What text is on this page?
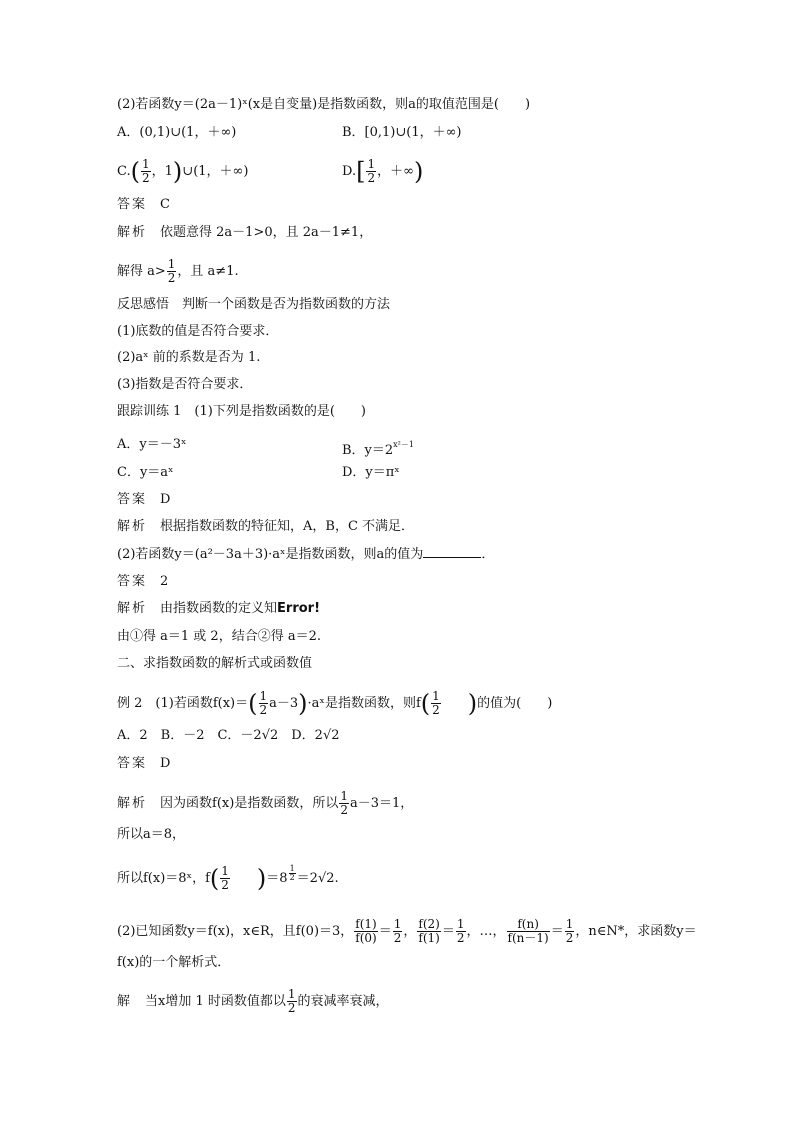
(2)若函数y＝(2a－1)ˣ(x是自变量)是指数函数，则a的取值范围是(　　)
A．(0,1)∪(1，＋∞)	B．[0,1)∪(1，＋∞)
$C.( \frac{1}{2}$ ，1)∪(1，＋∞)	$D.[ \frac{1}{2}$ ，＋∞)
答案　 C
解析　 依题意得 2a－1>0，且 2a－1≠1，
解得 $a> \frac{1}{2}$ ，且 a≠1.
反思感悟　判断一个函数是否为指数函数的方法
(1)底数的值是否符合要求．
(2)aˣ 前的系数是否为 1.
(3)指数是否符合要求．
跟踪训练 1　(1)下列是指数函数的是(　　)
A．y＝－3ˣ	B．$y=2^{x^2-1}$
C．y＝aˣ	D．y＝πˣ
答案　 D
解析　 根据指数函数的特征知，A，B，C 不满足．
(2)若函数y＝(a²－3a＋3)·aˣ是指数函数，则a的值为	．
答案　 2
解析　 由指数函数的定义知Error!
由①得 a＝1 或 2，结合②得 a＝2.
二、求指数函数的解析式或函数值
例 2　 (1)若函数$f(x)=( \frac{1}{2}$ a－3)·aˣ是指数函数，则$f( \frac{1}{2}$
　　 )的值为(　　)
A．2　B．－2　C．－2√2　D．2√2
答案　 D
解析　 因为函数f(x)是指数函数，所以 $\frac{1}{2} a-3=1$，
所以a＝8，
所以f(x)＝8ˣ，$f( \frac{1}{2}$
　　 )＝8 $^{\frac{1}{2}}$ ＝2√2.
(2)已知函数y＝f(x)，x∈R，且f(0)＝3， $\frac{f(1)}{f(0)} = \frac{1}{2}$ ， $\frac{f(2)}{f(1)} = \frac{1}{2}$ ，…， $\frac{f(n)}{f(n-1)} = \frac{1}{2}$ ，n∈N*，求函数y＝
f(x)的一个解析式．
解　 当x增加 1 时函数值都以 $\frac{1}{2}$ 的衰减率衰减，
